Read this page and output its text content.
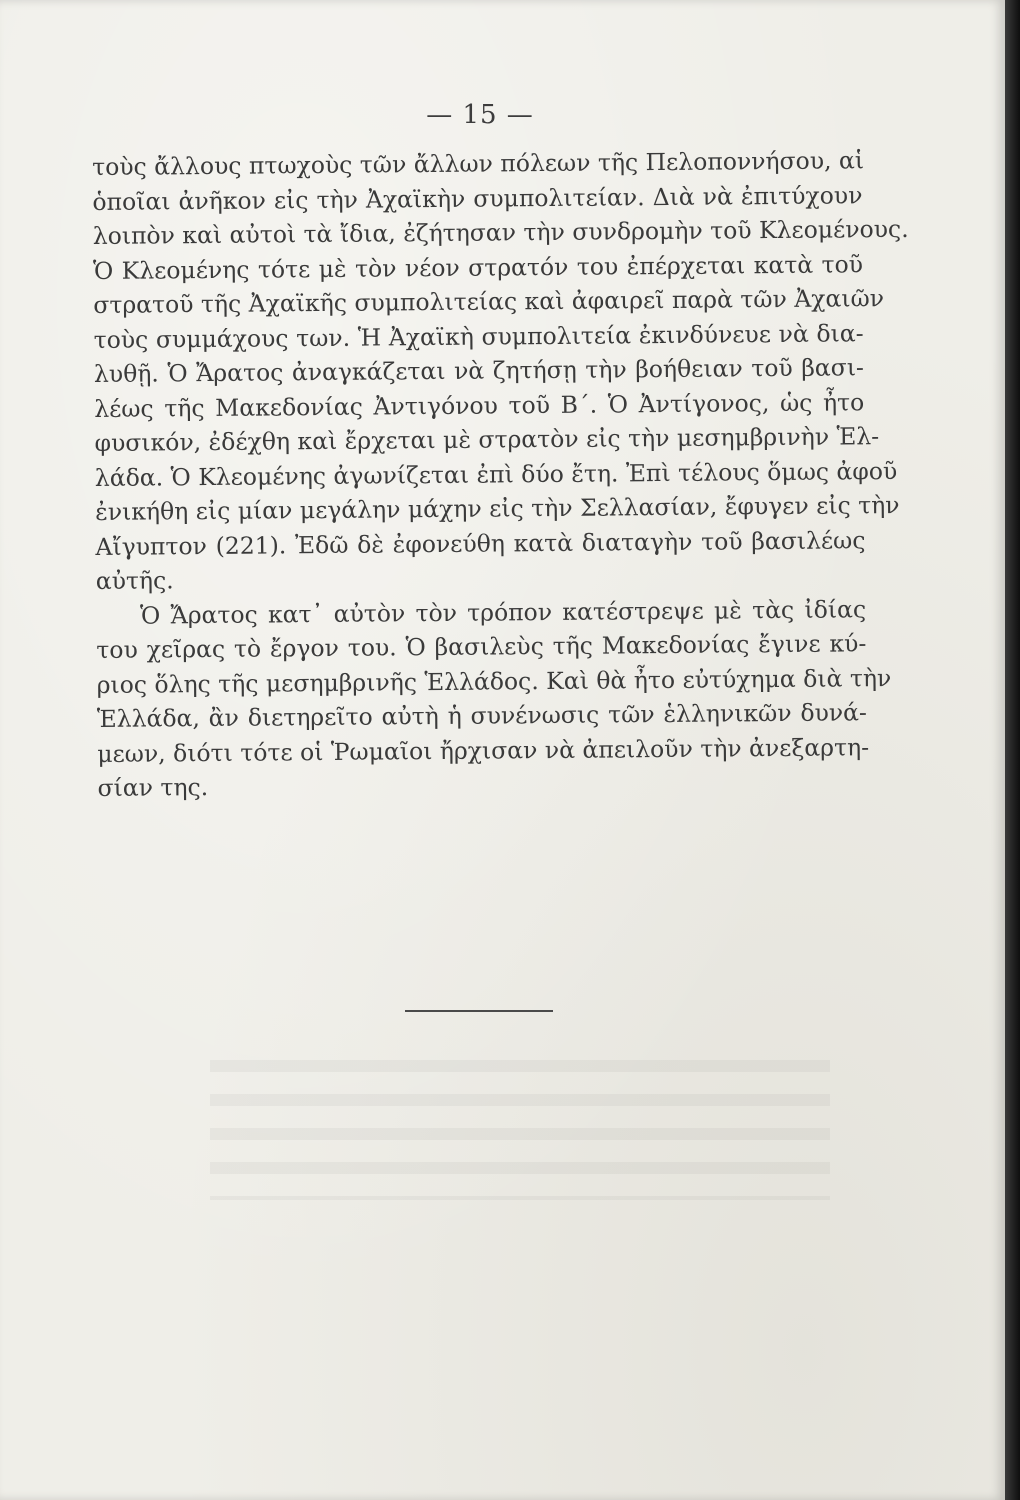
— 15 —
τοὺς ἄλλους πτωχοὺς τῶν ἄλλων πόλεων τῆς Πελοποννήσου, αἱ
ὁποῖαι ἀνῆκον εἰς τὴν Ἀχαϊκὴν συμπολιτείαν. Διὰ νὰ ἐπιτύχουν
λοιπὸν καὶ αὐτοὶ τὰ ἴδια, ἐζήτησαν τὴν συνδρομὴν τοῦ Κλεομένους.
Ὁ Κλεομένης τότε μὲ τὸν νέον στρατόν του ἐπέρχεται κατὰ τοῦ
στρατοῦ τῆς Ἀχαϊκῆς συμπολιτείας καὶ ἀφαιρεῖ παρὰ τῶν Ἀχαιῶν
τοὺς συμμάχους των. Ἡ Ἀχαϊκὴ συμπολιτεία ἐκινδύνευε νὰ δια-
λυθῇ. Ὁ Ἄρατος ἀναγκάζεται νὰ ζητήσῃ τὴν βοήθειαν τοῦ βασι-
λέως τῆς Μακεδονίας Ἀντιγόνου τοῦ Β΄. Ὁ Ἀντίγονος, ὡς ἦτο
φυσικόν, ἐδέχθη καὶ ἔρχεται μὲ στρατὸν εἰς τὴν μεσημβρινὴν Ἑλ-
λάδα. Ὁ Κλεομένης ἀγωνίζεται ἐπὶ δύο ἔτη. Ἐπὶ τέλους ὅμως ἀφοῦ
ἐνικήθη εἰς μίαν μεγάλην μάχην εἰς τὴν Σελλασίαν, ἔφυγεν εἰς τὴν
Αἴγυπτον (221). Ἐδῶ δὲ ἐφονεύθη κατὰ διαταγὴν τοῦ βασιλέως
αὐτῆς.
Ὁ Ἄρατος κατ᾽ αὐτὸν τὸν τρόπον κατέστρεψε μὲ τὰς ἰδίας
του χεῖρας τὸ ἔργον του. Ὁ βασιλεὺς τῆς Μακεδονίας ἔγινε κύ-
ριος ὅλης τῆς μεσημβρινῆς Ἑλλάδος. Καὶ θὰ ἦτο εὐτύχημα διὰ τὴν
Ἑλλάδα, ἂν διετηρεῖτο αὐτὴ ἡ συνένωσις τῶν ἑλληνικῶν δυνά-
μεων, διότι τότε οἱ Ῥωμαῖοι ἤρχισαν νὰ ἀπειλοῦν τὴν ἀνεξαρτη-
σίαν της.
